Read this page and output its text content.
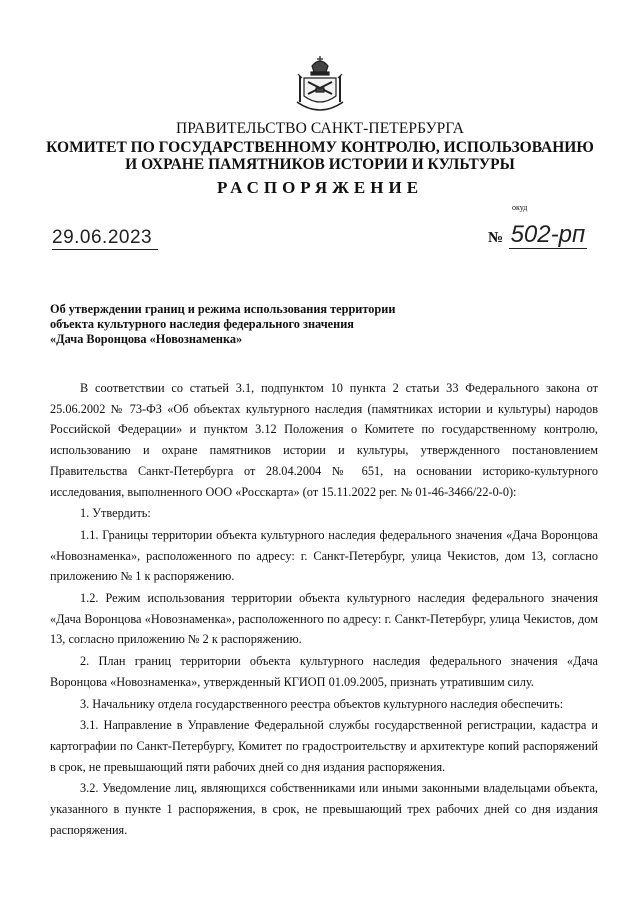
ПРАВИТЕЛЬСТВО САНКТ-ПЕТЕРБУРГА
КОМИТЕТ ПО ГОСУДАРСТВЕННОМУ КОНТРОЛЮ, ИСПОЛЬЗОВАНИЮ
И ОХРАНЕ ПАМЯТНИКОВ ИСТОРИИ И КУЛЬТУРЫ
РАСПОРЯЖЕНИЕ
окуд
29.06.2023	№ 502-рп
Об утверждении границ и режима использования территории
объекта культурного наследия федерального значения
«Дача Воронцова «Новознаменка»

В соответствии со статьей 3.1, подпунктом 10 пункта 2 статьи 33 Федерального закона от 25.06.2002 № 73-ФЗ «Об объектах культурного наследия (памятниках истории и культуры) народов Российской Федерации» и пунктом 3.12 Положения о Комитете по государственному контролю, использованию и охране памятников истории и культуры, утвержденного постановлением Правительства Санкт-Петербурга от 28.04.2004 № 651, на основании историко-культурного исследования, выполненного ООО «Росскарта» (от 15.11.2022 рег. № 01-46-3466/22-0-0):

1. Утвердить:

1.1. Границы территории объекта культурного наследия федерального значения «Дача Воронцова «Новознаменка», расположенного по адресу: г. Санкт-Петербург, улица Чекистов, дом 13, согласно приложению № 1 к распоряжению.

1.2. Режим использования территории объекта культурного наследия федерального значения «Дача Воронцова «Новознаменка», расположенного по адресу: г. Санкт-Петербург, улица Чекистов, дом 13, согласно приложению № 2 к распоряжению.

2. План границ территории объекта культурного наследия федерального значения «Дача Воронцова «Новознаменка», утвержденный КГИОП 01.09.2005, признать утратившим силу.

3. Начальнику отдела государственного реестра объектов культурного наследия обеспечить:

3.1. Направление в Управление Федеральной службы государственной регистрации, кадастра и картографии по Санкт-Петербургу, Комитет по градостроительству и архитектуре копий распоряжений в срок, не превышающий пяти рабочих дней со дня издания распоряжения.

3.2. Уведомление лиц, являющихся собственниками или иными законными владельцами объекта, указанного в пункте 1 распоряжения, в срок, не превышающий трех рабочих дней со дня издания распоряжения.
